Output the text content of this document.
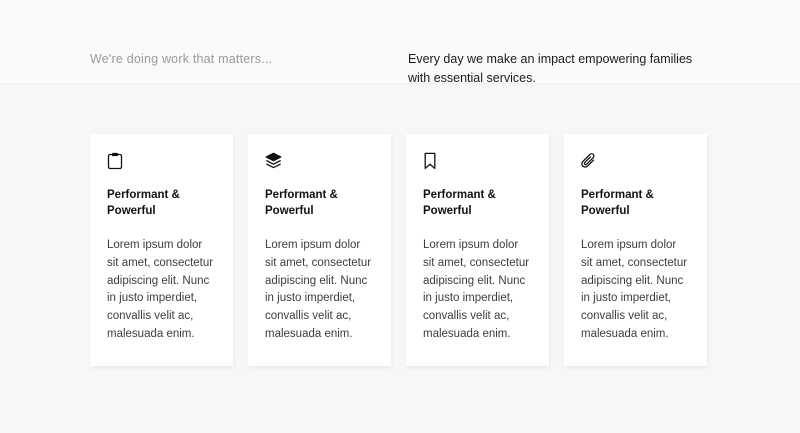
We're doing work that matters...	Every day we make an impact empowering families with essential services.
Performant & Powerful

Lorem ipsum dolor sit amet, consectetur adipiscing elit. Nunc in justo imperdiet, convallis velit ac, malesuada enim.

Performant & Powerful

Lorem ipsum dolor sit amet, consectetur adipiscing elit. Nunc in justo imperdiet, convallis velit ac, malesuada enim.

Performant & Powerful

Lorem ipsum dolor sit amet, consectetur adipiscing elit. Nunc in justo imperdiet, convallis velit ac, malesuada enim.

Performant & Powerful

Lorem ipsum dolor sit amet, consectetur adipiscing elit. Nunc in justo imperdiet, convallis velit ac, malesuada enim.
